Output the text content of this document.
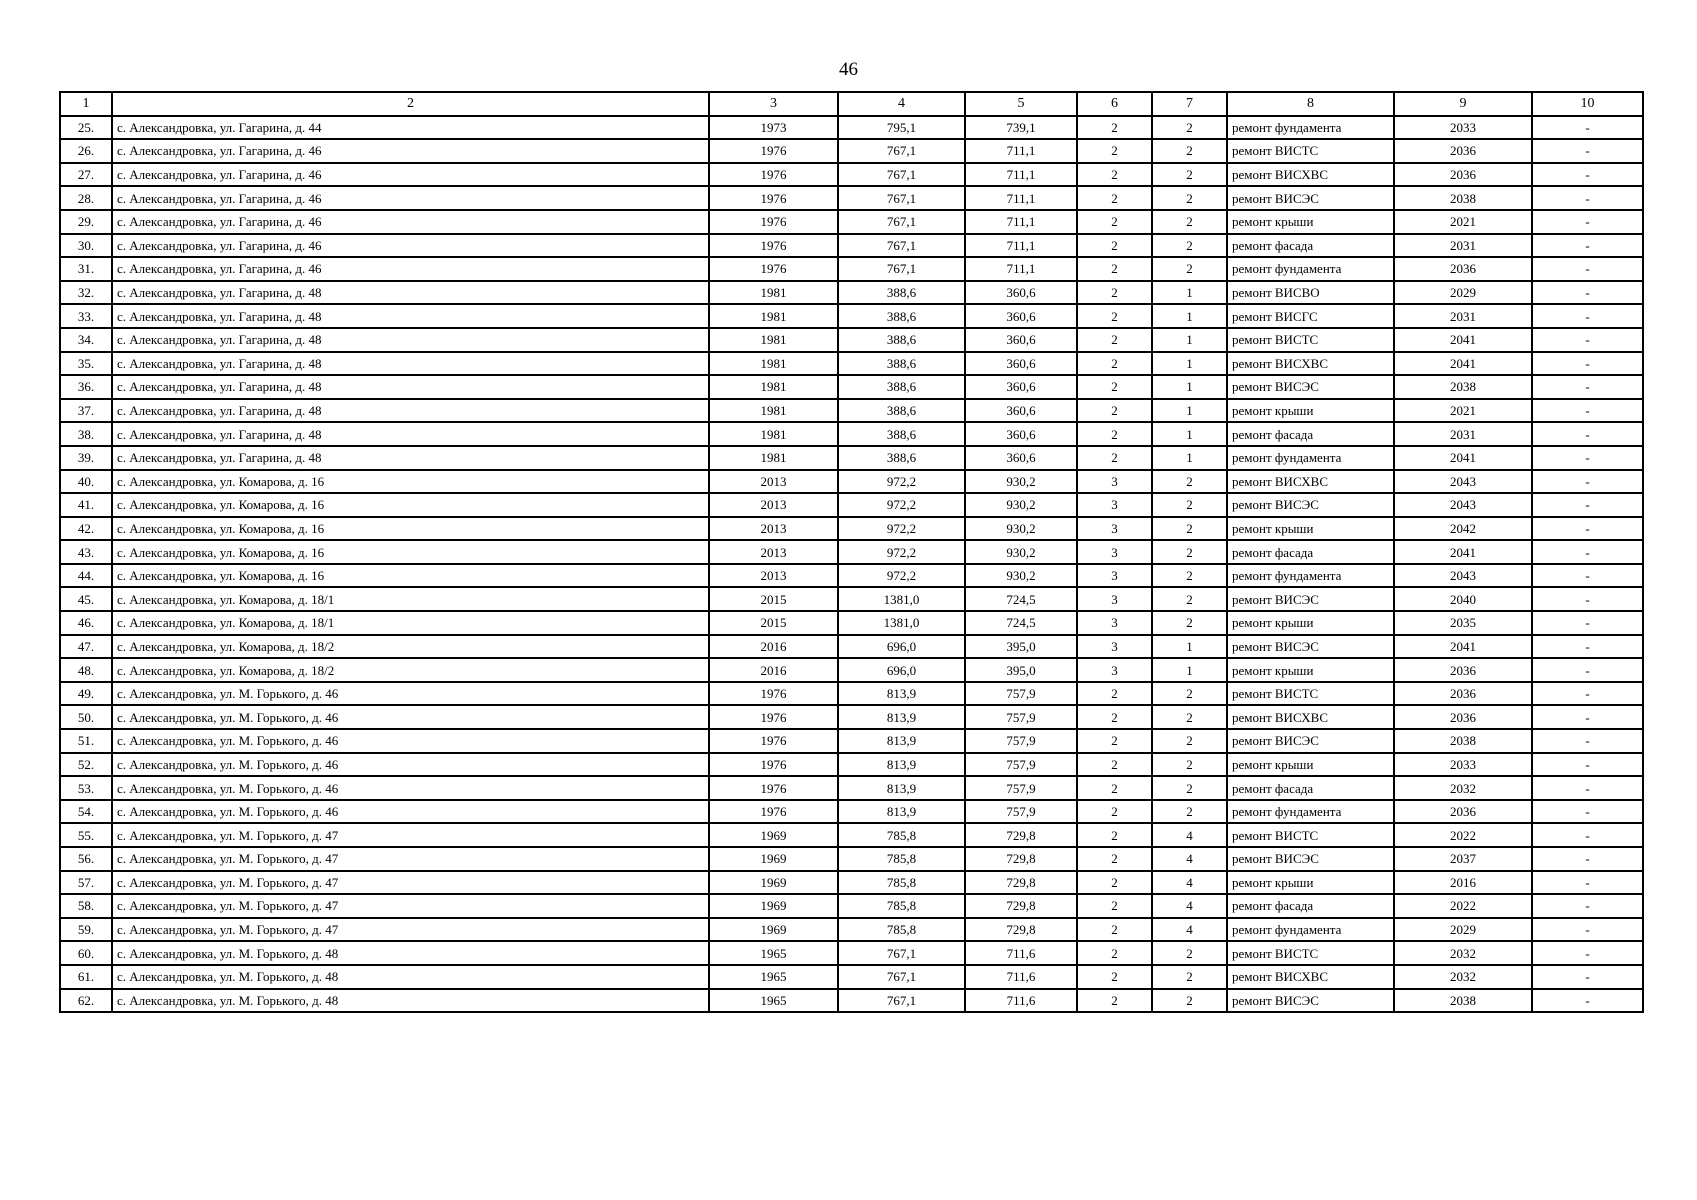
46
1	2	3	4	5	6	7	8	9	10
25.	с. Александровка, ул. Гагарина, д. 44	1973	795,1	739,1	2	2	ремонт фундамента	2033	-
26.	с. Александровка, ул. Гагарина, д. 46	1976	767,1	711,1	2	2	ремонт ВИСТС	2036	-
27.	с. Александровка, ул. Гагарина, д. 46	1976	767,1	711,1	2	2	ремонт ВИСХВС	2036	-
28.	с. Александровка, ул. Гагарина, д. 46	1976	767,1	711,1	2	2	ремонт ВИСЭС	2038	-
29.	с. Александровка, ул. Гагарина, д. 46	1976	767,1	711,1	2	2	ремонт крыши	2021	-
30.	с. Александровка, ул. Гагарина, д. 46	1976	767,1	711,1	2	2	ремонт фасада	2031	-
31.	с. Александровка, ул. Гагарина, д. 46	1976	767,1	711,1	2	2	ремонт фундамента	2036	-
32.	с. Александровка, ул. Гагарина, д. 48	1981	388,6	360,6	2	1	ремонт ВИСВО	2029	-
33.	с. Александровка, ул. Гагарина, д. 48	1981	388,6	360,6	2	1	ремонт ВИСГС	2031	-
34.	с. Александровка, ул. Гагарина, д. 48	1981	388,6	360,6	2	1	ремонт ВИСТС	2041	-
35.	с. Александровка, ул. Гагарина, д. 48	1981	388,6	360,6	2	1	ремонт ВИСХВС	2041	-
36.	с. Александровка, ул. Гагарина, д. 48	1981	388,6	360,6	2	1	ремонт ВИСЭС	2038	-
37.	с. Александровка, ул. Гагарина, д. 48	1981	388,6	360,6	2	1	ремонт крыши	2021	-
38.	с. Александровка, ул. Гагарина, д. 48	1981	388,6	360,6	2	1	ремонт фасада	2031	-
39.	с. Александровка, ул. Гагарина, д. 48	1981	388,6	360,6	2	1	ремонт фундамента	2041	-
40.	с. Александровка, ул. Комарова, д. 16	2013	972,2	930,2	3	2	ремонт ВИСХВС	2043	-
41.	с. Александровка, ул. Комарова, д. 16	2013	972,2	930,2	3	2	ремонт ВИСЭС	2043	-
42.	с. Александровка, ул. Комарова, д. 16	2013	972,2	930,2	3	2	ремонт крыши	2042	-
43.	с. Александровка, ул. Комарова, д. 16	2013	972,2	930,2	3	2	ремонт фасада	2041	-
44.	с. Александровка, ул. Комарова, д. 16	2013	972,2	930,2	3	2	ремонт фундамента	2043	-
45.	с. Александровка, ул. Комарова, д. 18/1	2015	1381,0	724,5	3	2	ремонт ВИСЭС	2040	-
46.	с. Александровка, ул. Комарова, д. 18/1	2015	1381,0	724,5	3	2	ремонт крыши	2035	-
47.	с. Александровка, ул. Комарова, д. 18/2	2016	696,0	395,0	3	1	ремонт ВИСЭС	2041	-
48.	с. Александровка, ул. Комарова, д. 18/2	2016	696,0	395,0	3	1	ремонт крыши	2036	-
49.	с. Александровка, ул. М. Горького, д. 46	1976	813,9	757,9	2	2	ремонт ВИСТС	2036	-
50.	с. Александровка, ул. М. Горького, д. 46	1976	813,9	757,9	2	2	ремонт ВИСХВС	2036	-
51.	с. Александровка, ул. М. Горького, д. 46	1976	813,9	757,9	2	2	ремонт ВИСЭС	2038	-
52.	с. Александровка, ул. М. Горького, д. 46	1976	813,9	757,9	2	2	ремонт крыши	2033	-
53.	с. Александровка, ул. М. Горького, д. 46	1976	813,9	757,9	2	2	ремонт фасада	2032	-
54.	с. Александровка, ул. М. Горького, д. 46	1976	813,9	757,9	2	2	ремонт фундамента	2036	-
55.	с. Александровка, ул. М. Горького, д. 47	1969	785,8	729,8	2	4	ремонт ВИСТС	2022	-
56.	с. Александровка, ул. М. Горького, д. 47	1969	785,8	729,8	2	4	ремонт ВИСЭС	2037	-
57.	с. Александровка, ул. М. Горького, д. 47	1969	785,8	729,8	2	4	ремонт крыши	2016	-
58.	с. Александровка, ул. М. Горького, д. 47	1969	785,8	729,8	2	4	ремонт фасада	2022	-
59.	с. Александровка, ул. М. Горького, д. 47	1969	785,8	729,8	2	4	ремонт фундамента	2029	-
60.	с. Александровка, ул. М. Горького, д. 48	1965	767,1	711,6	2	2	ремонт ВИСТС	2032	-
61.	с. Александровка, ул. М. Горького, д. 48	1965	767,1	711,6	2	2	ремонт ВИСХВС	2032	-
62.	с. Александровка, ул. М. Горького, д. 48	1965	767,1	711,6	2	2	ремонт ВИСЭС	2038	-
